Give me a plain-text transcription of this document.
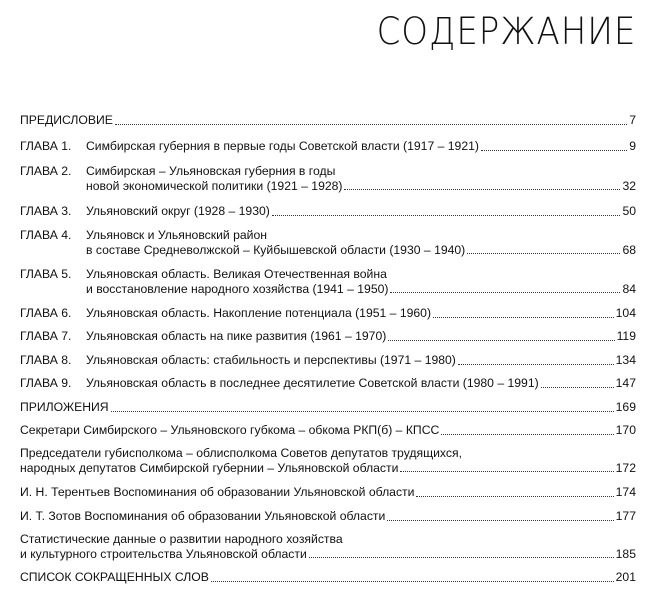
СОДЕРЖАНИЕ
ПРЕДИСЛОВИЕ	7
ГЛАВА 1.	Симбирская губерния в первые годы Советской власти (1917 – 1921)	9
ГЛАВА 2.	Симбирская – Ульяновская губерния в годы
новой экономической политики (1921 – 1928)	32
ГЛАВА 3.	Ульяновский округ (1928 – 1930)	50
ГЛАВА 4.	Ульяновск и Ульяновский район
в составе Средневолжской – Куйбышевской области (1930 – 1940)	68
ГЛАВА 5.	Ульяновская область. Великая Отечественная война
и восстановление народного хозяйства (1941 – 1950)	84
ГЛАВА 6.	Ульяновская область. Накопление потенциала (1951 – 1960)	104
ГЛАВА 7.	Ульяновская область на пике развития (1961 – 1970)	119
ГЛАВА 8.	Ульяновская область: стабильность и перспективы (1971 – 1980)	134
ГЛАВА 9.	Ульяновская область в последнее десятилетие Советской власти (1980 – 1991)	147
ПРИЛОЖЕНИЯ	169
Секретари Симбирского – Ульяновского губкома – обкома РКП(б) – КПСС	170
Председатели губисполкома – облисполкома Советов депутатов трудящихся,
народных депутатов Симбирской губернии – Ульяновской области	172
И. Н. Терентьев Воспоминания об образовании Ульяновской области	174
И. Т. Зотов Воспоминания об образовании Ульяновской области	177
Статистические данные о развитии народного хозяйства
и культурного строительства Ульяновской области	185
СПИСОК СОКРАЩЕННЫХ СЛОВ	201
